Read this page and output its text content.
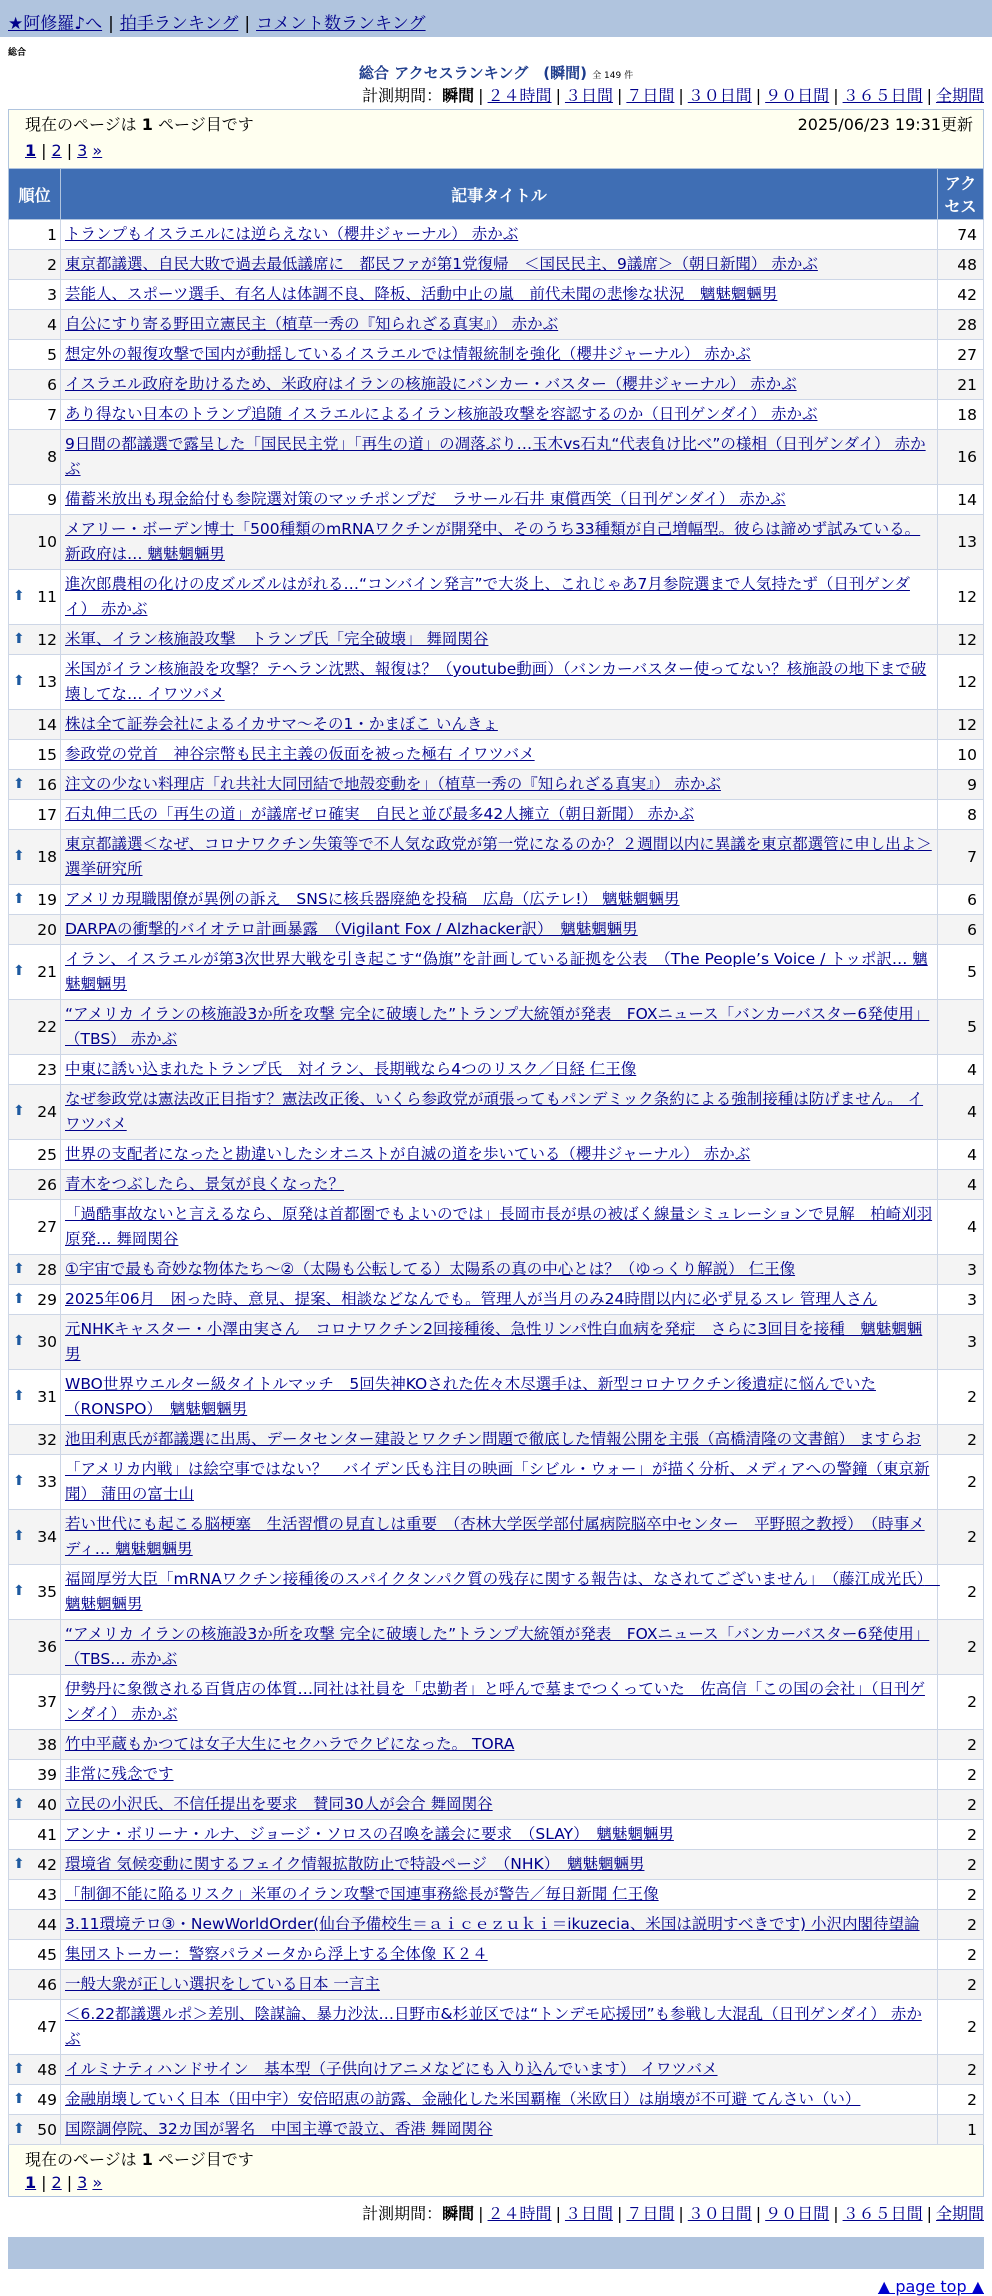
★阿修羅♪へ | 拍手ランキング | コメント数ランキング
総合
総合 アクセスランキング　(瞬間) 全 149 件
計測期間：瞬間 | ２４時間 | ３日間 | ７日間 | ３０日間 | ９０日間 | ３６５日間 | 全期間
現在のページは 1 ページ目です	2025/06/23 19:31更新
1 | 2 | 3 »
順位	記事タイトル	アクセス
1	トランプもイスラエルには逆らえない（櫻井ジャーナル） 赤かぶ	74
2	東京都議選、自民大敗で過去最低議席に　都民ファが第1党復帰　＜国民民主、9議席＞（朝日新聞） 赤かぶ	48
3	芸能人、スポーツ選手、有名人は体調不良、降板、活動中止の嵐　前代未聞の悲惨な状況　魑魅魍魎男	42
4	自公にすり寄る野田立憲民主（植草一秀の『知られざる真実』） 赤かぶ	28
5	想定外の報復攻撃で国内が動揺しているイスラエルでは情報統制を強化（櫻井ジャーナル） 赤かぶ	27
6	イスラエル政府を助けるため、米政府はイランの核施設にバンカー・バスター（櫻井ジャーナル） 赤かぶ	21
7	あり得ない日本のトランプ追随 イスラエルによるイラン核施設攻撃を容認するのか（日刊ゲンダイ） 赤かぶ	18
8	9日間の都議選で露呈した「国民民主党」「再生の道」の凋落ぶり…玉木vs石丸“代表負け比べ”の様相（日刊ゲンダイ） 赤かぶ	16
9	備蓄米放出も現金給付も参院選対策のマッチポンプだ　ラサール石井 東償西笑（日刊ゲンダイ） 赤かぶ	14
10	メアリー・ボーデン博士「500種類のmRNAワクチンが開発中、そのうち33種類が自己増幅型。彼らは諦めず試みている。新政府は… 魑魅魍魎男	13

⬆ 11	進次郎農相の化けの皮ズルズルはがれる…“コンバイン発言”で大炎上、これじゃあ7月参院選まで人気持たず（日刊ゲンダイ） 赤かぶ	12

⬆ 12	米軍、イラン核施設攻撃　トランプ氏「完全破壊」 舞岡関谷	12

⬆ 13	米国がイラン核施設を攻撃？テヘラン沈黙、報復は？（youtube動画）（バンカーバスター使ってない？核施設の地下まで破壊してな… イワツバメ	12
14	株は全て証券会社によるイカサマ〜その1・かまぼこ いんきょ	12
15	参政党の党首　神谷宗幣も民主主義の仮面を被った極右 イワツバメ	10

⬆ 16	注文の少ない料理店「れ共社大同団結で地殻変動を」（植草一秀の『知られざる真実』） 赤かぶ	9
17	石丸伸二氏の「再生の道」が議席ゼロ確実　自民と並び最多42人擁立（朝日新聞） 赤かぶ	8

⬆ 18	東京都議選＜なぜ、コロナワクチン失策等で不人気な政党が第一党になるのか？２週間以内に異議を東京都選管に申し出よ＞ 選挙研究所	7

⬆ 19	アメリカ現職閣僚が異例の訴え　SNSに核兵器廃絶を投稿　広島（広テレ!） 魑魅魍魎男	6
20	DARPAの衝撃的バイオテロ計画暴露　（Vigilant Fox / Alzhacker訳）　魑魅魍魎男	6

⬆ 21	イラン、イスラエルが第3次世界大戦を引き起こす“偽旗”を計画している証拠を公表　（The People’s Voice / トッポ訳… 魑魅魍魎男	5
22	“アメリカ イランの核施設3か所を攻撃 完全に破壊した”トランプ大統領が発表　FOXニュース「バンカーバスター6発使用」（TBS） 赤かぶ	5
23	中東に誘い込まれたトランプ氏　対イラン、長期戦なら4つのリスク／日経 仁王像	4

⬆ 24	なぜ参政党は憲法改正目指す？憲法改正後、いくら参政党が頑張ってもパンデミック条約による強制接種は防げません。 イワツバメ	4
25	世界の支配者になったと勘違いしたシオニストが自滅の道を歩いている（櫻井ジャーナル） 赤かぶ	4
26	青木をつぶしたら、景気が良くなった？	4
27	「過酷事故ないと言えるなら、原発は首都圏でもよいのでは」長岡市長が県の被ばく線量シミュレーションで見解　柏崎刈羽原発… 舞岡関谷	4

⬆ 28	①宇宙で最も奇妙な物体たち〜②（太陽も公転してる）太陽系の真の中心とは？（ゆっくり解説） 仁王像	3

⬆ 29	2025年06月　困った時、意見、提案、相談などなんでも。管理人が当月のみ24時間以内に必ず見るスレ 管理人さん	3

⬆ 30	元NHKキャスター・小澤由実さん　コロナワクチン2回接種後、急性リンパ性白血病を発症　さらに3回目を接種　魑魅魍魎男	3

⬆ 31	WBO世界ウエルター級タイトルマッチ　5回失神KOされた佐々木尽選手は、新型コロナワクチン後遺症に悩んでいた（RONSPO）　魑魅魍魎男	2
32	池田利恵氏が都議選に出馬、データセンター建設とワクチン問題で徹底した情報公開を主張（高橋清隆の文書館） ますらお	2

⬆ 33	「アメリカ内戦」は絵空事ではない？　バイデン氏も注目の映画「シビル・ウォー」が描く分析、メディアへの警鐘（東京新聞） 蒲田の富士山	2

⬆ 34	若い世代にも起こる脳梗塞　生活習慣の見直しは重要　（杏林大学医学部付属病院脳卒中センター　平野照之教授）　（時事メディ… 魑魅魍魎男	2

⬆ 35	福岡厚労大臣「mRNAワクチン接種後のスパイクタンパク質の残存に関する報告は、なされてございません」　（藤江成光氏）　魑魅魍魎男	2
36	“アメリカ イランの核施設3か所を攻撃 完全に破壊した”トランプ大統領が発表　FOXニュース「バンカーバスター6発使用」（TBS… 赤かぶ	2
37	伊勢丹に象徴される百貨店の体質…同社は社員を「忠勤者」と呼んで墓までつくっていた　佐高信「この国の会社」（日刊ゲンダイ） 赤かぶ	2
38	竹中平蔵もかつては女子大生にセクハラでクビになった。 TORA	2
39	非常に残念です	2

⬆ 40	立民の小沢氏、不信任提出を要求　賛同30人が会合 舞岡関谷	2
41	アンナ・ボリーナ・ルナ、ジョージ・ソロスの召喚を議会に要求　（SLAY）　魑魅魍魎男	2

⬆ 42	環境省 気候変動に関するフェイク情報拡散防止で特設ページ　（NHK）　魑魅魍魎男	2
43	「制御不能に陥るリスク」米軍のイラン攻撃で国連事務総長が警告／毎日新聞 仁王像	2
44	3.11環境テロ③・NewWorldOrder(仙台予備校生＝ａｉｃｅｚｕｋｉ＝ikuzecia、米国は説明すべきです) 小沢内閣待望論	2
45	集団ストーカー：警察パラメータから浮上する全体像 Ｋ２４	2
46	一般大衆が正しい選択をしている日本 一言主	2
47	＜6.22都議選ルポ＞差別、陰謀論、暴力沙汰…日野市&杉並区では“トンデモ応援団”も参戦し大混乱（日刊ゲンダイ） 赤かぶ	2

⬆ 48	イルミナティハンドサイン　基本型（子供向けアニメなどにも入り込んでいます） イワツバメ	2

⬆ 49	金融崩壊していく日本（田中宇）安倍昭恵の訪露、金融化した米国覇権（米欧日）は崩壊が不可避 てんさい（い）	2

⬆ 50	国際調停院、32カ国が署名　中国主導で設立、香港 舞岡関谷	1
現在のページは 1 ページ目です
1 | 2 | 3 »
計測期間：瞬間 | ２４時間 | ３日間 | ７日間 | ３０日間 | ９０日間 | ３６５日間 | 全期間
▲ page top ▲
